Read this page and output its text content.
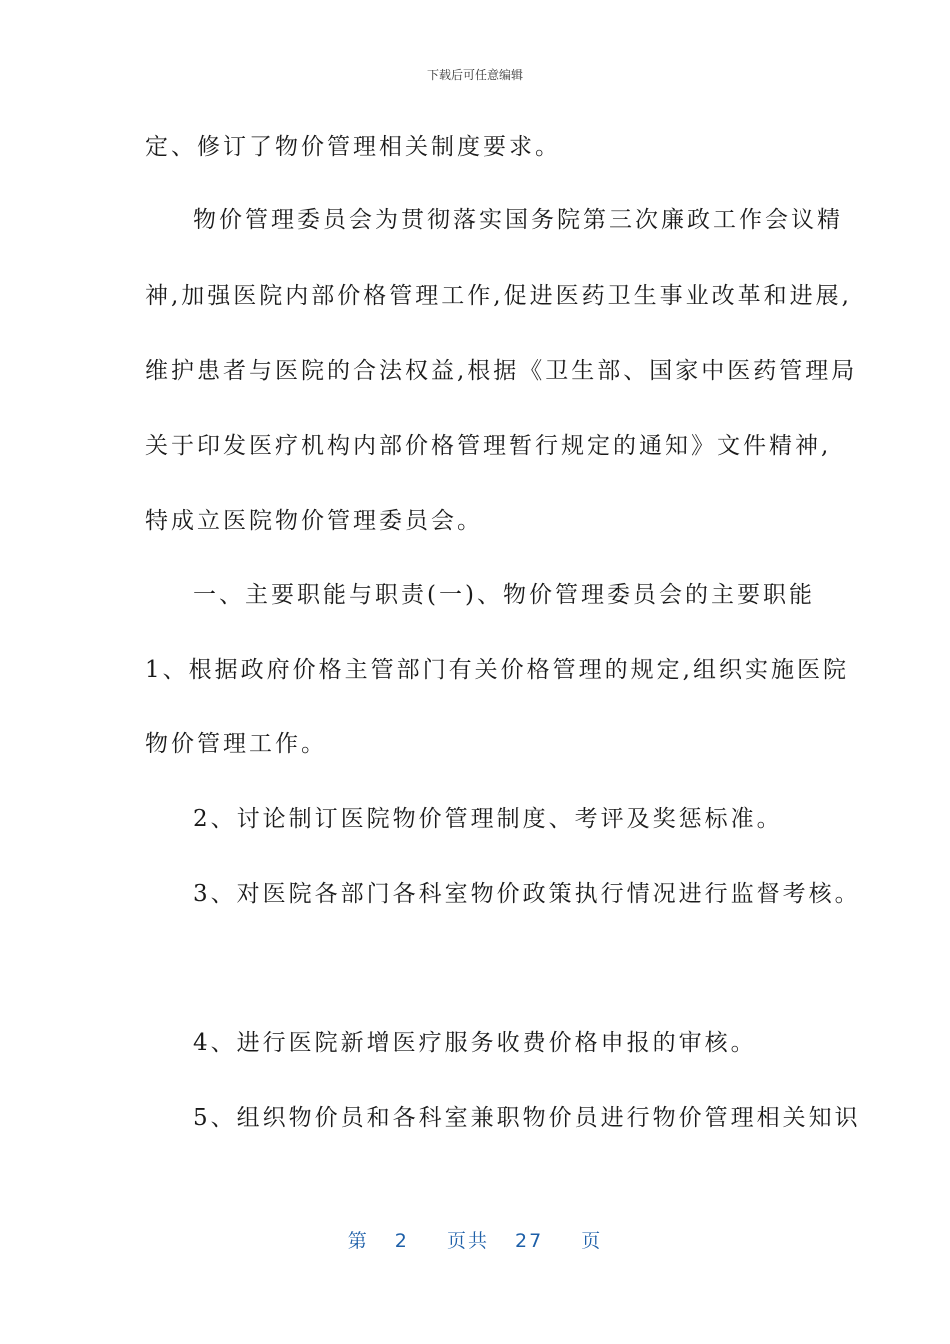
下载后可任意编辑
定、修订了物价管理相关制度要求。
物价管理委员会为贯彻落实国务院第三次廉政工作会议精
神,加强医院内部价格管理工作,促进医药卫生事业改革和进展,
维护患者与医院的合法权益,根据《卫生部、国家中医药管理局
关于印发医疗机构内部价格管理暂行规定的通知》文件精神,
特成立医院物价管理委员会。
一、主要职能与职责(一)、物价管理委员会的主要职能
1、根据政府价格主管部门有关价格管理的规定,组织实施医院
物价管理工作。
2、讨论制订医院物价管理制度、考评及奖惩标准。
3、对医院各部门各科室物价政策执行情况进行监督考核。
4、进行医院新增医疗服务收费价格申报的审核。
5、组织物价员和各科室兼职物价员进行物价管理相关知识
第 2 页共 27 页
